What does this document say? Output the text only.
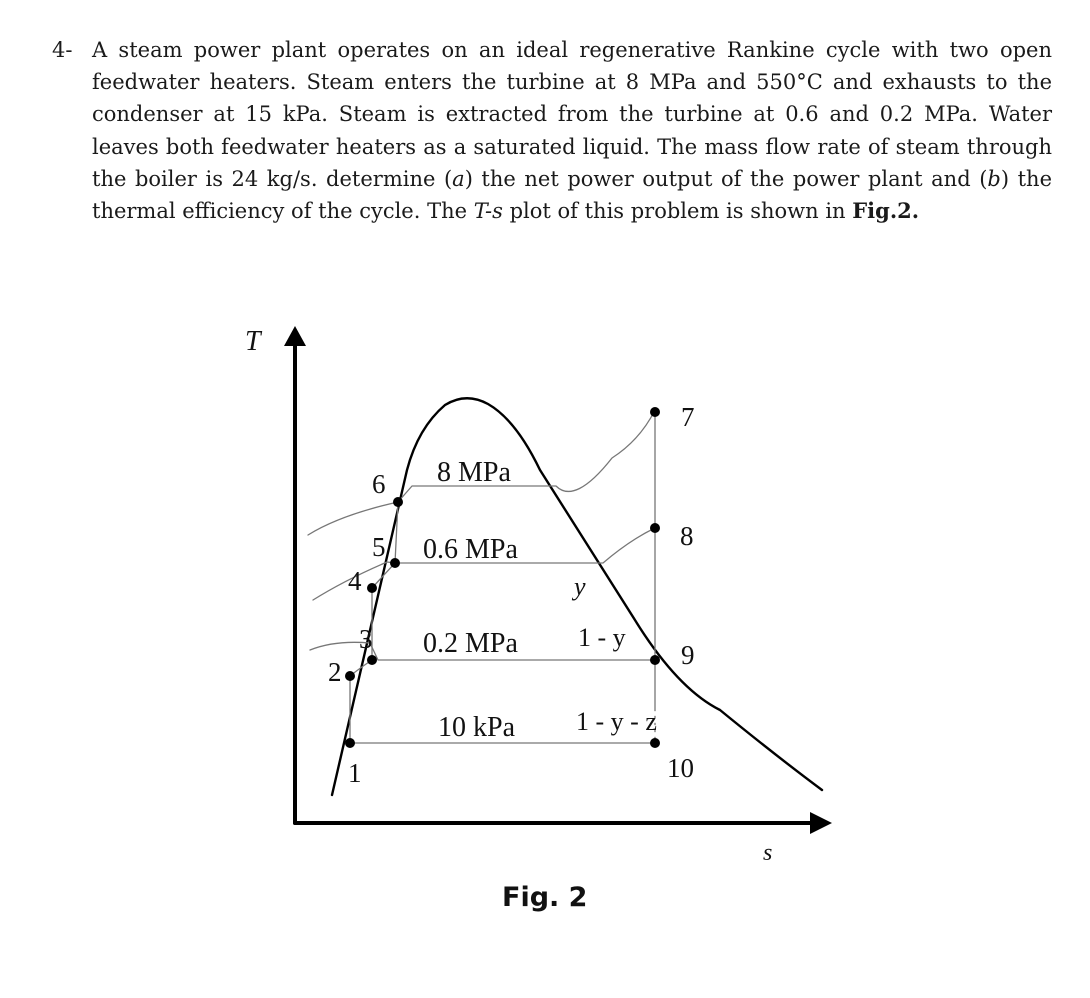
4- A steam power plant operates on an ideal regenerative Rankine cycle with two open feedwater heaters. Steam enters the turbine at 8 MPa and 550°C and exhausts to the condenser at 15 kPa. Steam is extracted from the turbine at 0.6 and 0.2 MPa. Water leaves both feedwater heaters as a saturated liquid. The mass flow rate of steam through the boiler is 24 kg/s. determine (a) the net power output of the power plant and (b) the thermal efficiency of the cycle. The T-s plot of this problem is shown in Fig.2.
T
s
8 MPa
0.6 MPa
0.2 MPa
10 kPa
y
1 - y
1 - y - z
1
2
3
4
5
6
7
8
9
10
Fig. 2
